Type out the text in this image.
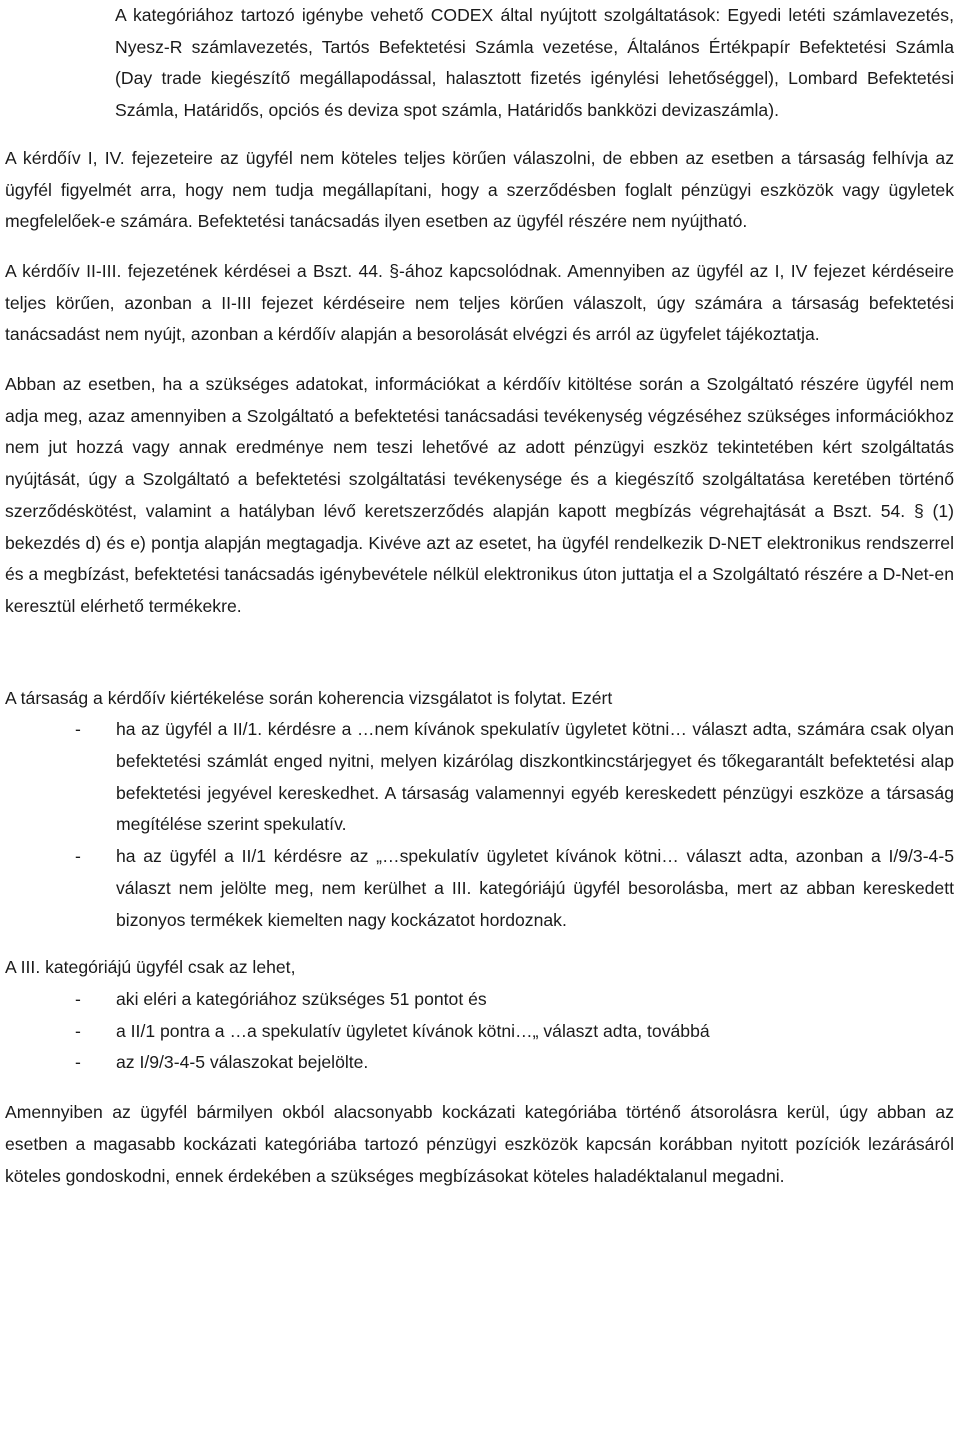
A kategóriához tartozó igénybe vehető CODEX által nyújtott szolgáltatások: Egyedi letéti számlavezetés, Nyesz-R számlavezetés, Tartós Befektetési Számla vezetése, Általános Értékpapír Befektetési Számla (Day trade kiegészítő megállapodással, halasztott fizetés igénylési lehetőséggel), Lombard Befektetési Számla, Határidős, opciós és deviza spot számla, Határidős bankközi devizaszámla).

A kérdőív I, IV. fejezeteire az ügyfél nem köteles teljes körűen válaszolni, de ebben az esetben a társaság felhívja az ügyfél figyelmét arra, hogy nem tudja megállapítani, hogy a szerződésben foglalt pénzügyi eszközök vagy ügyletek megfelelőek-e számára. Befektetési tanácsadás ilyen esetben az ügyfél részére nem nyújtható.

A kérdőív II-III. fejezetének kérdései a Bszt. 44. §-ához kapcsolódnak. Amennyiben az ügyfél az I, IV fejezet kérdéseire teljes körűen, azonban a II-III fejezet kérdéseire nem teljes körűen válaszolt, úgy számára a társaság befektetési tanácsadást nem nyújt, azonban a kérdőív alapján a besorolását elvégzi és arról az ügyfelet tájékoztatja.

Abban az esetben, ha a szükséges adatokat, információkat a kérdőív kitöltése során a Szolgáltató részére ügyfél nem adja meg, azaz amennyiben a Szolgáltató a befektetési tanácsadási tevékenység végzéséhez szükséges információkhoz nem jut hozzá vagy annak eredménye nem teszi lehetővé az adott pénzügyi eszköz tekintetében kért szolgáltatás nyújtását, úgy a Szolgáltató a befektetési szolgáltatási tevékenysége és a kiegészítő szolgáltatása keretében történő szerződéskötést, valamint a hatályban lévő keretszerződés alapján kapott megbízás végrehajtását a Bszt. 54. § (1) bekezdés d) és e) pontja alapján megtagadja. Kivéve azt az esetet, ha ügyfél rendelkezik D-NET elektronikus rendszerrel és a megbízást, befektetési tanácsadás igénybevétele nélkül elektronikus úton juttatja el a Szolgáltató részére a D-Net-en keresztül elérhető termékekre.

A társaság a kérdőív kiértékelése során koherencia vizsgálatot is folytat. Ezért

- ha az ügyfél a II/1. kérdésre a …nem kívánok spekulatív ügyletet kötni… választ adta, számára csak olyan befektetési számlát enged nyitni, melyen kizárólag diszkontkincstárjegyet és tőkegarantált befektetési alap befektetési jegyével kereskedhet. A társaság valamennyi egyéb kereskedett pénzügyi eszköze a társaság megítélése szerint spekulatív.
- ha az ügyfél a II/1 kérdésre az „…spekulatív ügyletet kívánok kötni… választ adta, azonban a I/9/3-4-5 választ nem jelölte meg, nem kerülhet a III. kategóriájú ügyfél besorolásba, mert az abban kereskedett bizonyos termékek kiemelten nagy kockázatot hordoznak.

A III. kategóriájú ügyfél csak az lehet,

- aki eléri a kategóriához szükséges 51 pontot és
- a II/1 pontra a …a spekulatív ügyletet kívánok kötni…„ választ adta, továbbá
- az I/9/3-4-5 válaszokat bejelölte.

Amennyiben az ügyfél bármilyen okból alacsonyabb kockázati kategóriába történő átsorolásra kerül, úgy abban az esetben a magasabb kockázati kategóriába tartozó pénzügyi eszközök kapcsán korábban nyitott pozíciók lezárásáról köteles gondoskodni, ennek érdekében a szükséges megbízásokat köteles haladéktalanul megadni.
